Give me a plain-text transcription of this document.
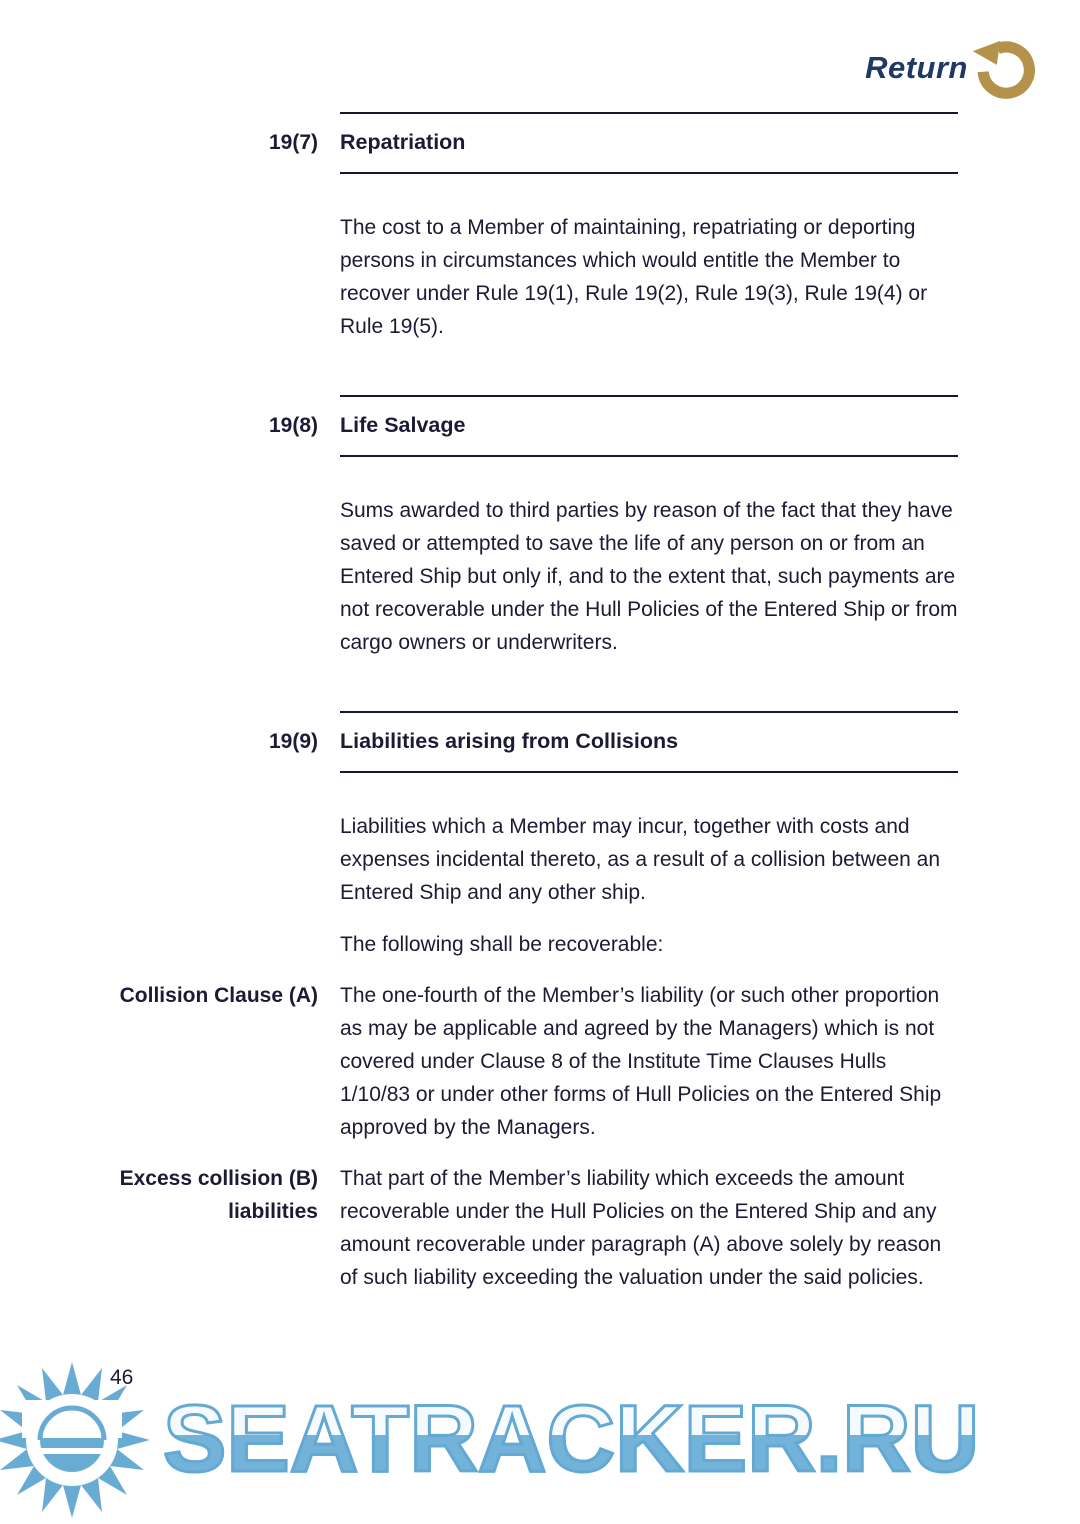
Return
19(7) Repatriation

The cost to a Member of maintaining, repatriating or deporting persons in circumstances which would entitle the Member to recover under Rule 19(1), Rule 19(2), Rule 19(3), Rule 19(4) or Rule 19(5).

19(8) Life Salvage

Sums awarded to third parties by reason of the fact that they have saved or attempted to save the life of any person on or from an Entered Ship but only if, and to the extent that, such payments are not recoverable under the Hull Policies of the Entered Ship or from cargo owners or underwriters.

19(9) Liabilities arising from Collisions

Liabilities which a Member may incur, together with costs and expenses incidental thereto, as a result of a collision between an Entered Ship and any other ship.

The following shall be recoverable:

Collision Clause (A) The one-fourth of the Member’s liability (or such other proportion as may be applicable and agreed by the Managers) which is not covered under Clause 8 of the Institute Time Clauses Hulls 1/10/83 or under other forms of Hull Policies on the Entered Ship approved by the Managers.

Excess collision (B) liabilities

That part of the Member’s liability which exceeds the amount recoverable under the Hull Policies on the Entered Ship and any amount recoverable under paragraph (A) above solely by reason of such liability exceeding the valuation under the said policies.

46
SEATRACKER.RU
